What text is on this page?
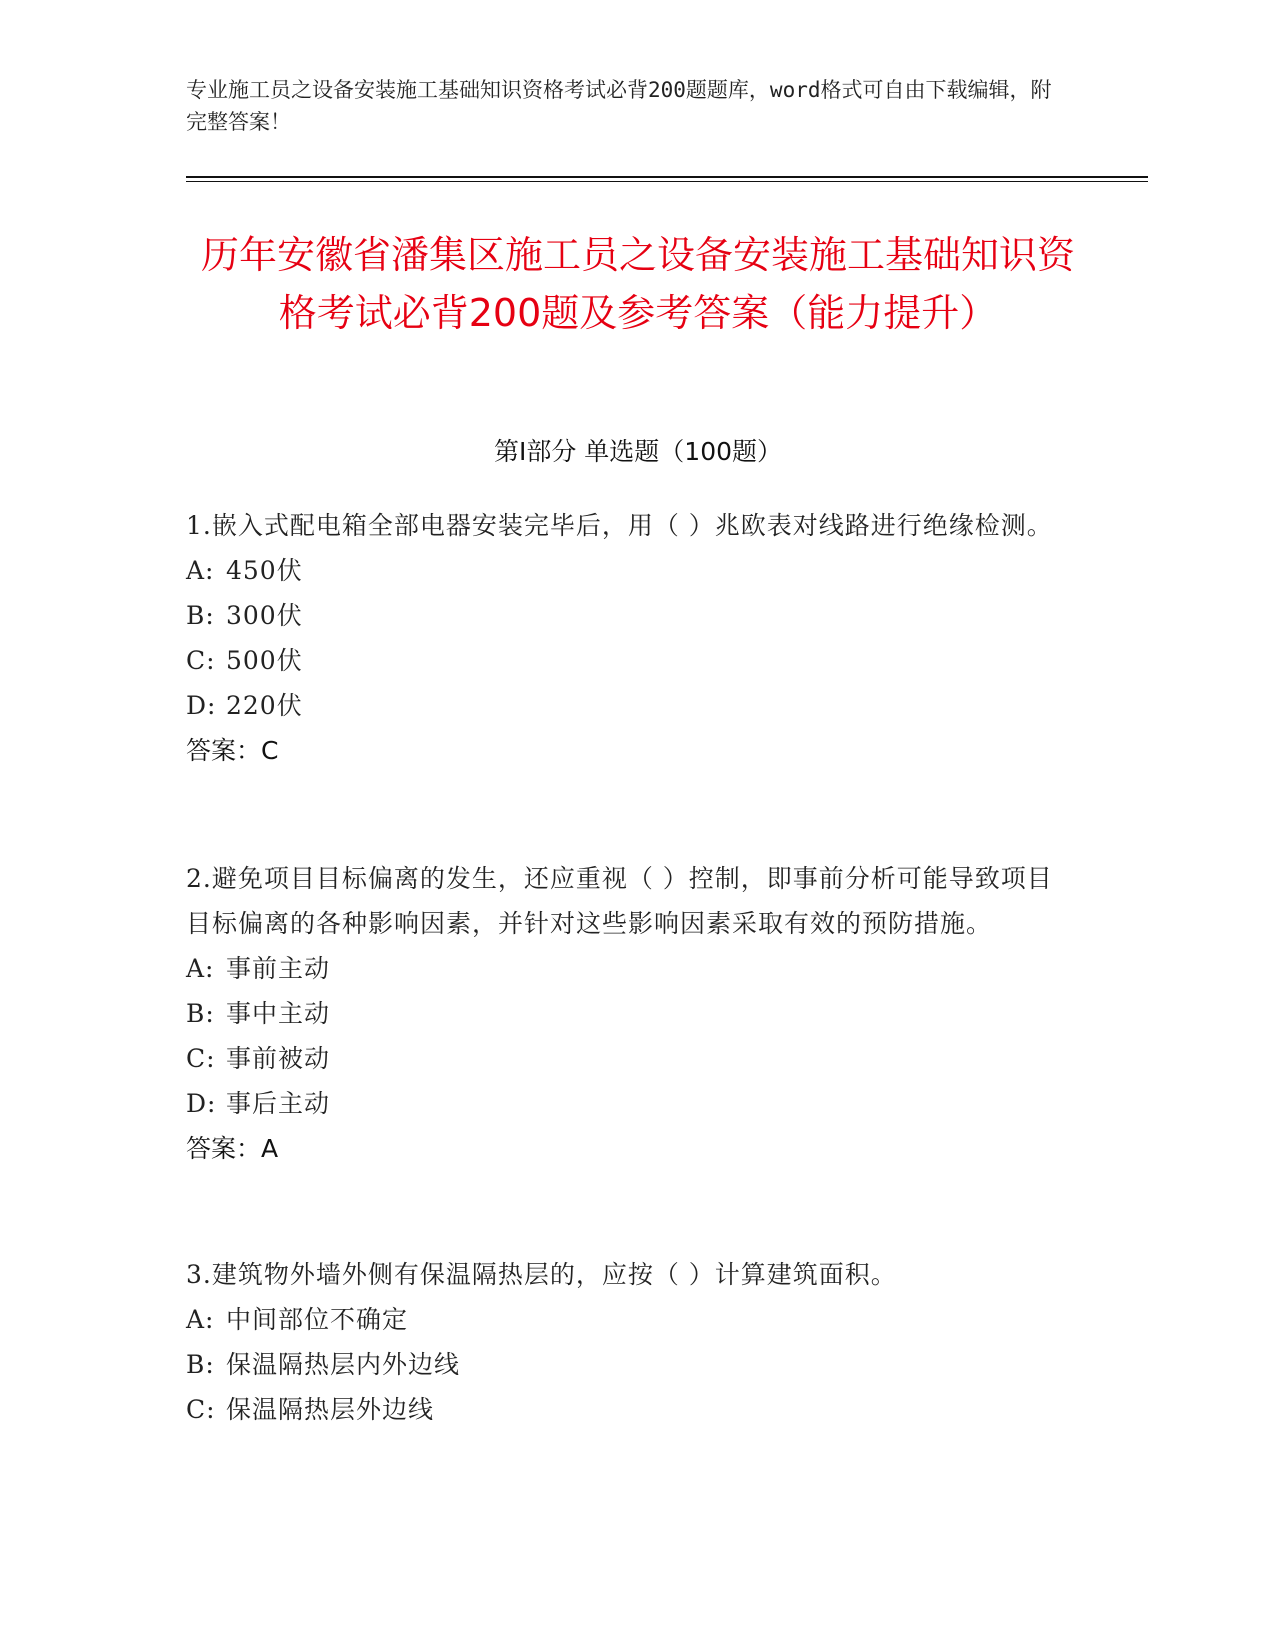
专业施工员之设备安装施工基础知识资格考试必背200题题库，word格式可自由下载编辑，附完整答案！
历年安徽省潘集区施工员之设备安装施工基础知识资格考试必背200题及参考答案（能力提升）
第I部分 单选题（100题）
1.嵌入式配电箱全部电器安装完毕后，用（ ）兆欧表对线路进行绝缘检测。
A: 450伏
B: 300伏
C: 500伏
D: 220伏
答案：C
2.避免项目目标偏离的发生，还应重视（ ）控制，即事前分析可能导致项目目标偏离的各种影响因素，并针对这些影响因素采取有效的预防措施。
A: 事前主动
B: 事中主动
C: 事前被动
D: 事后主动
答案：A
3.建筑物外墙外侧有保温隔热层的，应按（ ）计算建筑面积。
A: 中间部位不确定
B: 保温隔热层内外边线
C: 保温隔热层外边线
